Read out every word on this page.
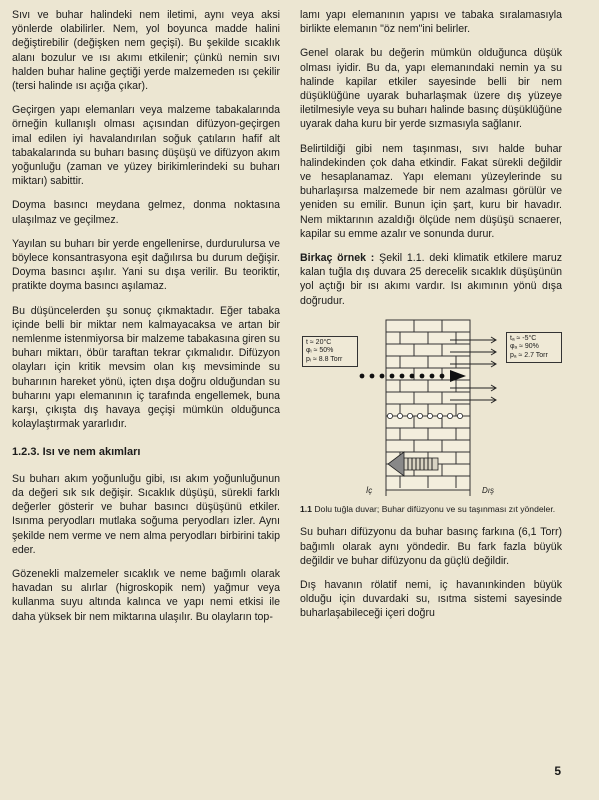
Sıvı ve buhar halindeki nem iletimi, aynı veya aksi yönlerde olabilirler. Nem, yol boyunca madde halini değiştirebilir (değişken nem geçişi). Bu şekilde sıcaklık alanı bozulur ve ısı akımı etkilenir; çünkü nemin sıvı halden buhar haline geçtiği yerde malzemeden ısı çekilir (tersi halinde ısı açığa çıkar).

Geçirgen yapı elemanları veya malzeme tabakalarında örneğin kullanışlı olması açısından difüzyon-geçirgen imal edilen iyi havalandırılan soğuk çatıların hafif alt tabakalarında su buharı basınç düşüşü ve difüzyon akım yoğunluğu (zaman ve yüzey birikimlerindeki su buharı miktarı) sabittir.

Doyma basıncı meydana gelmez, donma noktasına ulaşılmaz ve geçilmez.

Yayılan su buharı bir yerde engellenirse, durdurulursa ve böylece konsantrasyona eşit dağılırsa bu durum değişir. Doyma basıncı aşılır. Yani su dışa verilir. Bu teoriktir, pratikte doyma basıncı aşılamaz.

Bu düşüncelerden şu sonuç çıkmaktadır. Eğer tabaka içinde belli bir miktar nem kalmayacaksa ve artan bir nemlenme istenmiyorsa bir malzeme tabakasına giren su buharı miktarı, öbür taraftan tekrar çıkmalıdır. Difüzyon olayları için kritik mevsim olan kış mevsiminde su buharının hareket yönü, içten dışa doğru olduğundan su buharını yapı elemanının iç tarafında engellemek, buna karşı, çıkışta dış havaya geçişi mümkün olduğunca kolaylaştırmak yararlıdır.

1.2.3. Isı ve nem akımları

Su buharı akım yoğunluğu gibi, ısı akım yoğunluğunun da değeri sık sık değişir. Sıcaklık düşüşü, sürekli farklı değerler gösterir ve buhar basıncı düşüşünü etkiler. Isınma peryodları mutlaka soğuma peryodları izler. Aynı şekilde nem verme ve nem alma peryodları birbirini takip eder.

Gözenekli malzemeler sıcaklık ve neme bağımlı olarak havadan su alırlar (higroskopik nem) yağmur veya kullanma suyu altında kalınca ve yapı nemi etkisi ile daha yüksek bir nem miktarına ulaşılır. Bu olayların top-

lamı yapı elemanının yapısı ve tabaka sıralamasıyla birlikte elemanın "öz nem"ini belirler.

Genel olarak bu değerin mümkün olduğunca düşük olması iyidir. Bu da, yapı elemanındaki nemin ya su halinde kapilar etkiler sayesinde belli bir nem düşüklüğüne uyarak buharlaşmak üzere dış yüzeye iletilmesiyle veya su buharı halinde basınç düşüklüğüne uyarak daha kuru bir yerde sızmasıyla sağlanır.

Belirtildiği gibi nem taşınması, sıvı halde buhar halindekinden çok daha etkindir. Fakat sürekli değildir ve hesaplanamaz. Yapı elemanı yüzeylerinde su buharlaşırsa malzemede bir nem azalması görülür ve yeniden su emilir. Bunun için şart, kuru bir havadır. Nem miktarının azaldığı ölçüde nem düşüşü scnaerer, kapilar su emme azalır ve sonunda durur.

Birkaç örnek : Şekil 1.1. deki klimatik etkilere maruz kalan tuğla dış duvara 25 derecelik sıcaklık düşüşünün yol açtığı bir ısı akımı vardır. Isı akımının yönü dışa doğrudur.

t ≈ 20°C
φᵢ ≈ 50%
pᵢ ≈ 8.8 Torr
tₐ ≈ -5°C
φₐ ≈ 90%
pₐ ≈ 2.7 Torr
İç	Dış

1.1 Dolu tuğla duvar; Buhar difüzyonu ve su taşınması zıt yöndeler.

Su buharı difüzyonu da buhar basınç farkına (6,1 Torr) bağımlı olarak aynı yöndedir. Bu fark fazla büyük değildir ve buhar difüzyonu da güçlü değildir.

Dış havanın rölatif nemi, iç havanınkinden büyük olduğu için duvardaki su, ısıtma sistemi sayesinde buharlaşabileceği içeri doğru

5
